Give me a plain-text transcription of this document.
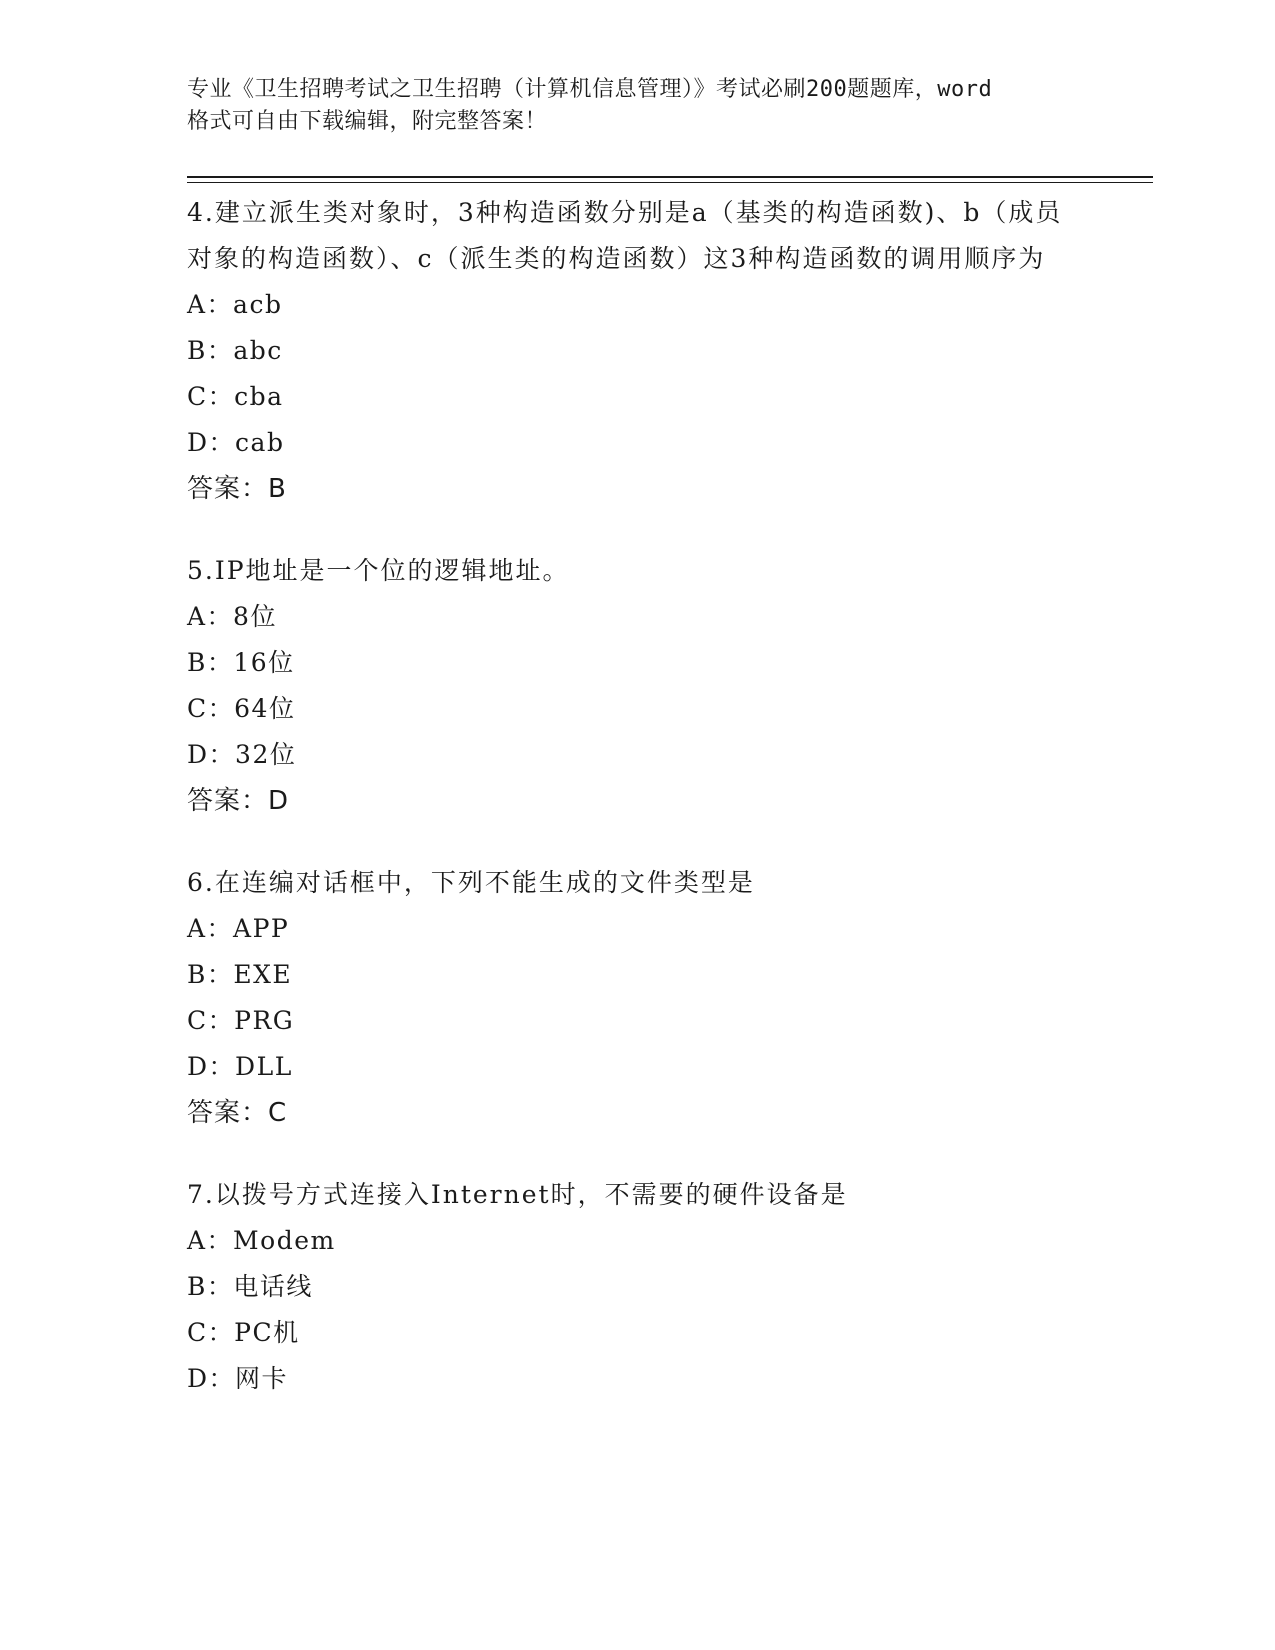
专业《卫生招聘考试之卫生招聘（计算机信息管理）》考试必刷200题题库，word
格式可自由下载编辑，附完整答案！
4.建立派生类对象时，3种构造函数分别是a（基类的构造函数)、b（成员对象的构造函数）、c（派生类的构造函数）这3种构造函数的调用顺序为
A：acb
B：abc
C：cba
D：cab
答案：B
5.IP地址是一个位的逻辑地址。
A：8位
B：16位
C：64位
D：32位
答案：D
6.在连编对话框中，下列不能生成的文件类型是
A：APP
B：EXE
C：PRG
D：DLL
答案：C
7.以拨号方式连接入Internet时，不需要的硬件设备是
A：Modem
B：电话线
C：PC机
D：网卡
